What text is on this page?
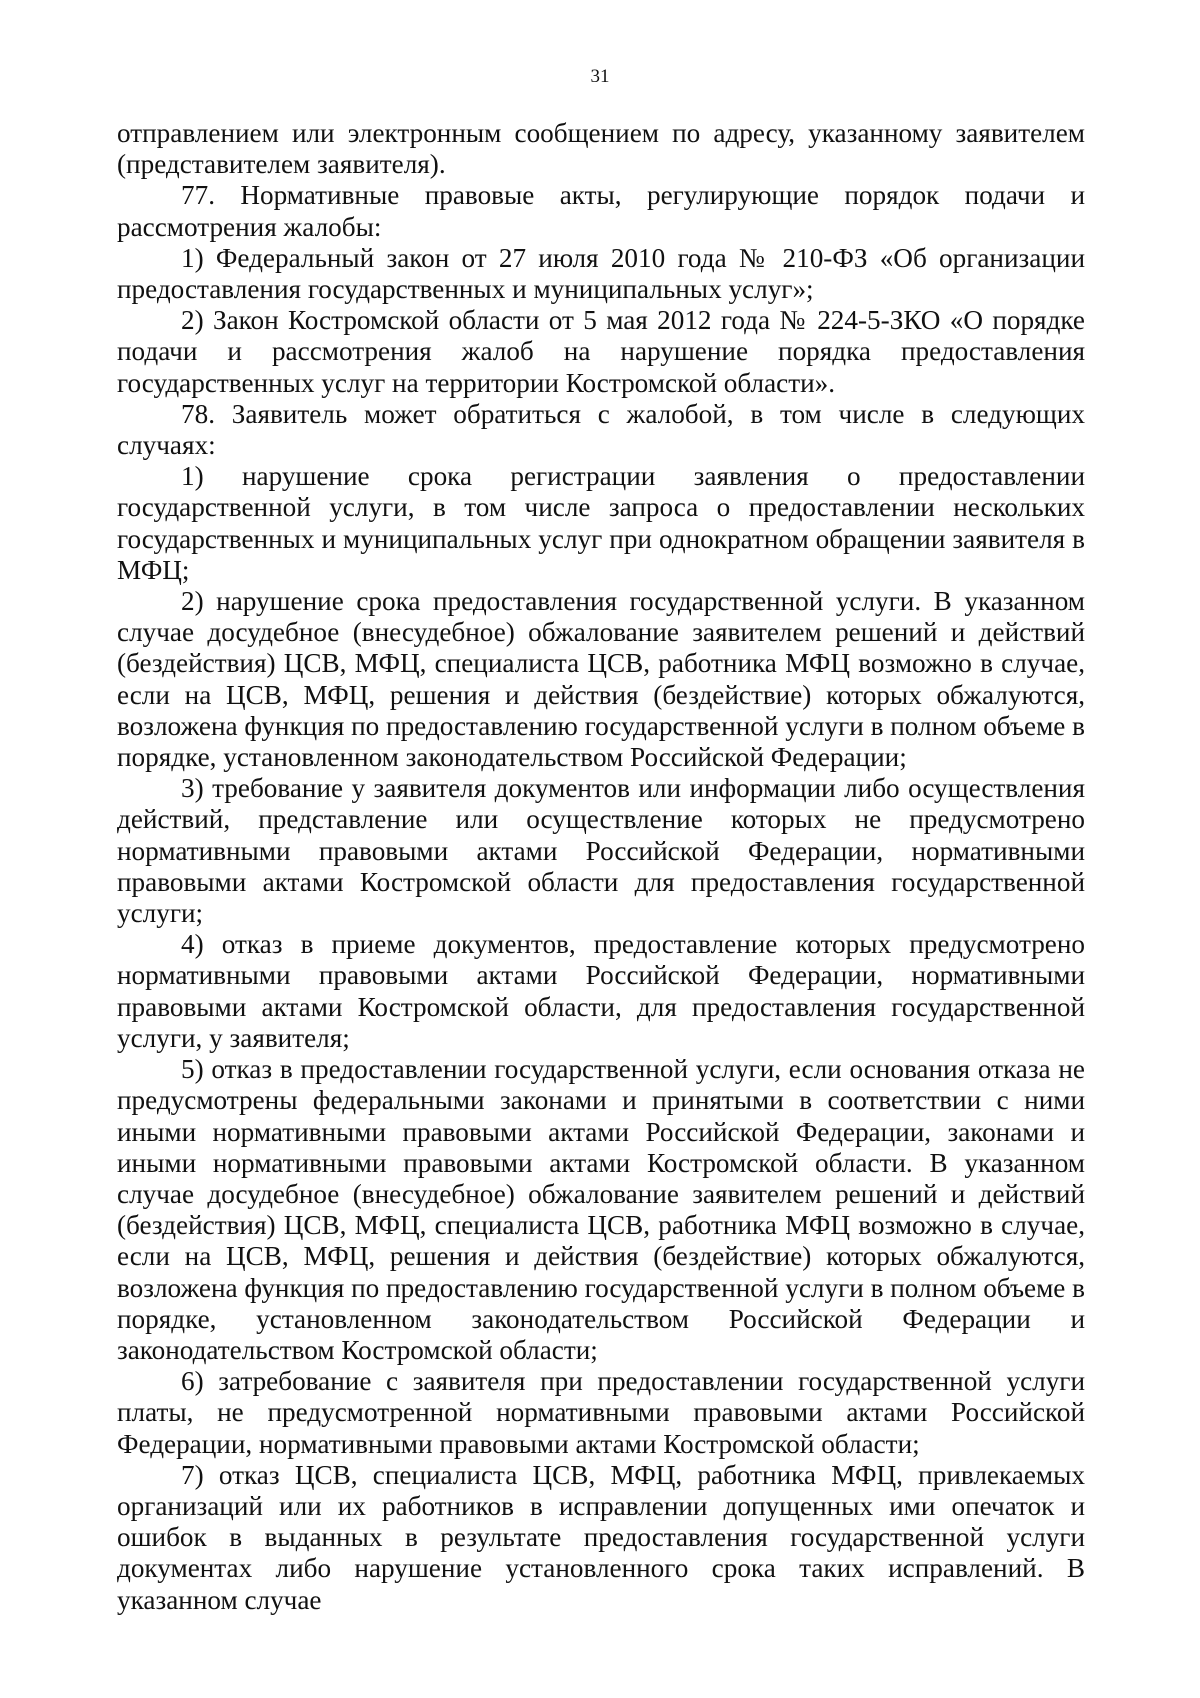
31

отправлением или электронным сообщением по адресу, указанному заявителем (представителем заявителя).

77. Нормативные правовые акты, регулирующие порядок подачи и рассмотрения жалобы:

1) Федеральный закон от 27 июля 2010 года № 210-ФЗ «Об организации предоставления государственных и муниципальных услуг»;

2) Закон Костромской области от 5 мая 2012 года № 224-5-ЗКО «О порядке подачи и рассмотрения жалоб на нарушение порядка предоставления государственных услуг на территории Костромской области».

78. Заявитель может обратиться с жалобой, в том числе в следующих случаях:

1) нарушение срока регистрации заявления о предоставлении государственной услуги, в том числе запроса о предоставлении нескольких государственных и муниципальных услуг при однократном обращении заявителя в МФЦ;

2) нарушение срока предоставления государственной услуги. В указанном случае досудебное (внесудебное) обжалование заявителем решений и действий (бездействия) ЦСВ, МФЦ, специалиста ЦСВ, работника МФЦ возможно в случае, если на ЦСВ, МФЦ, решения и действия (бездействие) которых обжалуются, возложена функция по предоставлению государственной услуги в полном объеме в порядке, установленном законодательством Российской Федерации;

3) требование у заявителя документов или информации либо осуществления действий, представление или осуществление которых не предусмотрено нормативными правовыми актами Российской Федерации, нормативными правовыми актами Костромской области для предоставления государственной услуги;

4) отказ в приеме документов, предоставление которых предусмотрено нормативными правовыми актами Российской Федерации, нормативными правовыми актами Костромской области, для предоставления государственной услуги, у заявителя;

5) отказ в предоставлении государственной услуги, если основания отказа не предусмотрены федеральными законами и принятыми в соответствии с ними иными нормативными правовыми актами Российской Федерации, законами и иными нормативными правовыми актами Костромской области. В указанном случае досудебное (внесудебное) обжалование заявителем решений и действий (бездействия) ЦСВ, МФЦ, специалиста ЦСВ, работника МФЦ возможно в случае, если на ЦСВ, МФЦ, решения и действия (бездействие) которых обжалуются, возложена функция по предоставлению государственной услуги в полном объеме в порядке, установленном законодательством Российской Федерации и законодательством Костромской области;

6) затребование с заявителя при предоставлении государственной услуги платы, не предусмотренной нормативными правовыми актами Российской Федерации, нормативными правовыми актами Костромской области;

7) отказ ЦСВ, специалиста ЦСВ, МФЦ, работника МФЦ, привлекаемых организаций или их работников в исправлении допущенных ими опечаток и ошибок в выданных в результате предоставления государственной услуги документах либо нарушение установленного срока таких исправлений. В указанном случае
